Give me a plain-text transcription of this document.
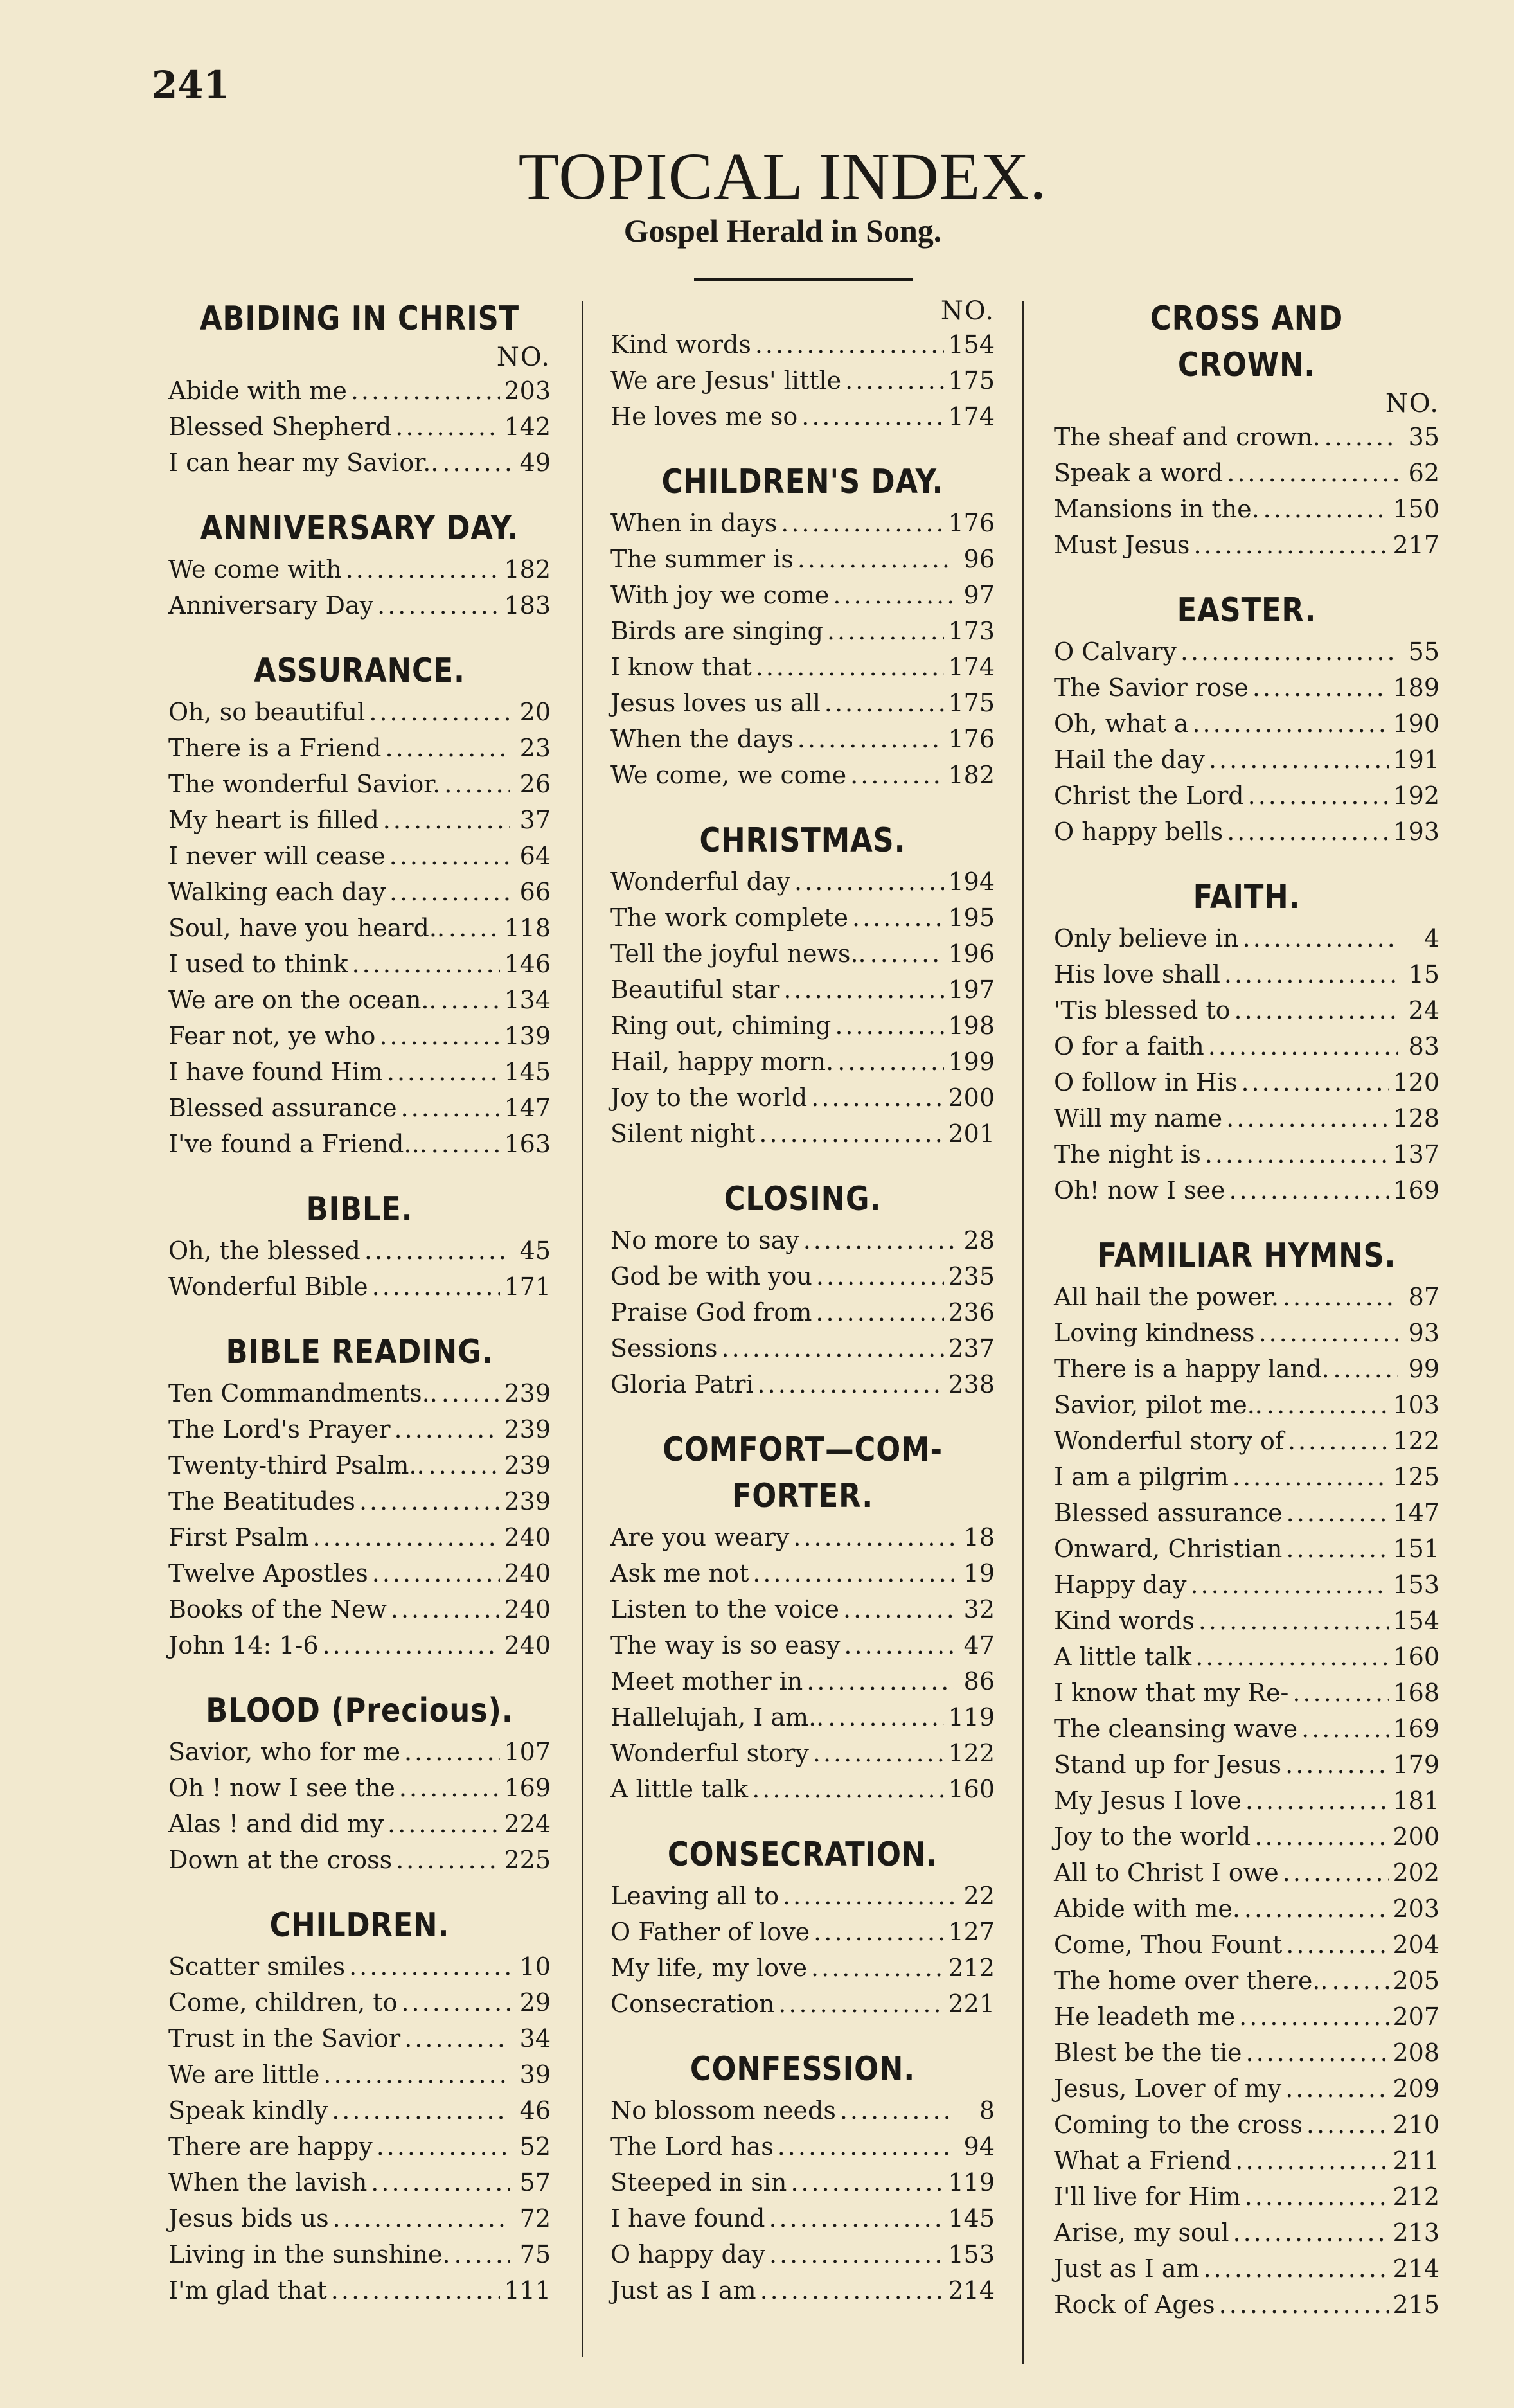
241
TOPICAL INDEX.
Gospel Herald in Song.
ABIDING IN CHRIST
NO.
Abide with me .....	203
Blessed Shepherd .....	142
I can hear my Savior.. .....	49
ANNIVERSARY DAY.
We come with .....	182
Anniversary Day .....	183
ASSURANCE.
Oh, so beautiful .....	20
There is a Friend .....	23
The wonderful Savior. .....	26
My heart is filled .....	37
I never will cease .....	64
Walking each day .....	66
Soul, have you heard.. ..... 118
I used to think .....	146
We are on the ocean.. .....	134
Fear not, ye who .....	139
I have found Him .....	145
Blessed assurance .....	147
I've found a Friend... .....	163
BIBLE.
Oh, the blessed .....	45
Wonderful Bible .....	171
BIBLE READING.
Ten Commandments.. .....	239
The Lord's Prayer .....	239
Twenty-third Psalm.. .....	239
The Beatitudes .....	239
First Psalm .....	240
Twelve Apostles .....	240
Books of the New .....	240
John 14: 1-6 .....	240
BLOOD (Precious).
Savior, who for me .....	107
Oh ! now I see the .....	169
Alas ! and did my .....	224
Down at the cross .....	225
CHILDREN.
Scatter smiles .....	10
Come, children, to .....	29
Trust in the Savior .....	34
We are little .....	39
Speak kindly .....	46
There are happy .....	52
When the lavish .....	57
Jesus bids us .....	72
Living in the sunshine. .....	75
I'm glad that .....	111
NO.
Kind words .....	154
We are Jesus' little .....	175
He loves me so .....	174
CHILDREN'S DAY.
When in days .....	176
The summer is .....	96
With joy we come .....	97
Birds are singing .....	173
I know that .....	174
Jesus loves us all .....	175
When the days .....	176
We come, we come .....	182
CHRISTMAS.
Wonderful day .....	194
The work complete .....	195
Tell the joyful news.. .....	196
Beautiful star .....	197
Ring out, chiming .....	198
Hail, happy morn. .....	199
Joy to the world .....	200
Silent night .....	201
CLOSING.
No more to say .....	28
God be with you .....	235
Praise God from .....	236
Sessions .....	237
Gloria Patri .....	238
COMFORT—COM-
FORTER.
Are you weary .....	18
Ask me not .....	19
Listen to the voice .....	32
The way is so easy .....	47
Meet mother in .....	86
Hallelujah, I am.. .....	119
Wonderful story .....	122
A little talk .....	160
CONSECRATION.
Leaving all to .....	22
O Father of love .....	127
My life, my love .....	212
Consecration .....	221
CONFESSION.
No blossom needs .....	8
The Lord has .....	94
Steeped in sin .....	119
I have found .....	145
O happy day .....	153
Just as I am .....	214
CROSS AND CROWN.
NO.
The sheaf and crown. .....	35
Speak a word .....	62
Mansions in the. .....	150
Must Jesus .....	217
EASTER.
O Calvary .....	55
The Savior rose .....	189
Oh, what a .....	190
Hail the day .....	191
Christ the Lord .....	192
O happy bells .....	193
FAITH.
Only believe in .....	4
His love shall .....	15
'Tis blessed to .....	24
O for a faith .....	83
O follow in His .....	120
Will my name .....	128
The night is .....	137
Oh! now I see .....	169
FAMILIAR HYMNS.
All hail the power. .....	87
Loving kindness .....	93
There is a happy land. .....	99
Savior, pilot me.. .....	103
Wonderful story of .....	122
I am a pilgrim .....	125
Blessed assurance .....	147
Onward, Christian .....	151
Happy day .....	153
Kind words .....	154
A little talk .....	160
I know that my Re- .....	168
The cleansing wave .....	169
Stand up for Jesus .....	179
My Jesus I love .....	181
Joy to the world .....	200
All to Christ I owe .....	202
Abide with me. .....	203
Come, Thou Fount .....	204
The home over there.. .....	205
He leadeth me .....	207
Blest be the tie .....	208
Jesus, Lover of my .....	209
Coming to the cross .....	210
What a Friend .....	211
I'll live for Him .....	212
Arise, my soul .....	213
Just as I am .....	214
Rock of Ages .....	215
